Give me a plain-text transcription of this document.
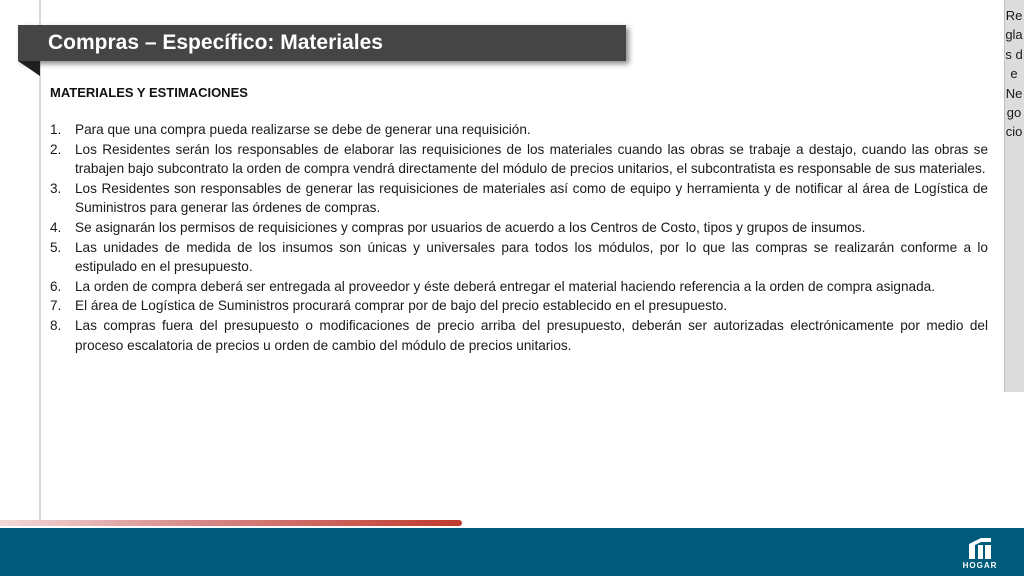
Compras – Específico: Materiales
Reglas de Negocio
MATERIALES Y ESTIMACIONES
1. Para que una compra pueda realizarse se debe de generar una requisición.
2. Los Residentes serán los responsables de elaborar las requisiciones de los materiales cuando las obras se trabaje a destajo, cuando las obras se trabajen bajo subcontrato la orden de compra vendrá directamente del módulo de precios unitarios, el subcontratista es responsable de sus materiales.
3. Los Residentes son responsables de generar las requisiciones de materiales así como de equipo y herramienta y de notificar al área de Logística de Suministros para generar las órdenes de compras.
4. Se asignarán los permisos de requisiciones y compras por usuarios de acuerdo a los Centros de Costo, tipos y grupos de insumos.
5. Las unidades de medida de los insumos son únicas y universales para todos los módulos, por lo que las compras se realizarán conforme a lo estipulado en el presupuesto.
6. La orden de compra deberá ser entregada al proveedor y éste deberá entregar el material haciendo referencia a la orden de compra asignada.
7. El área de Logística de Suministros procurará comprar por de bajo del precio establecido en el presupuesto.
8. Las compras fuera del presupuesto o modificaciones de precio arriba del presupuesto, deberán ser autorizadas electrónicamente por medio del proceso escalatoria de precios u orden de cambio del módulo de precios unitarios.
HOGAR
